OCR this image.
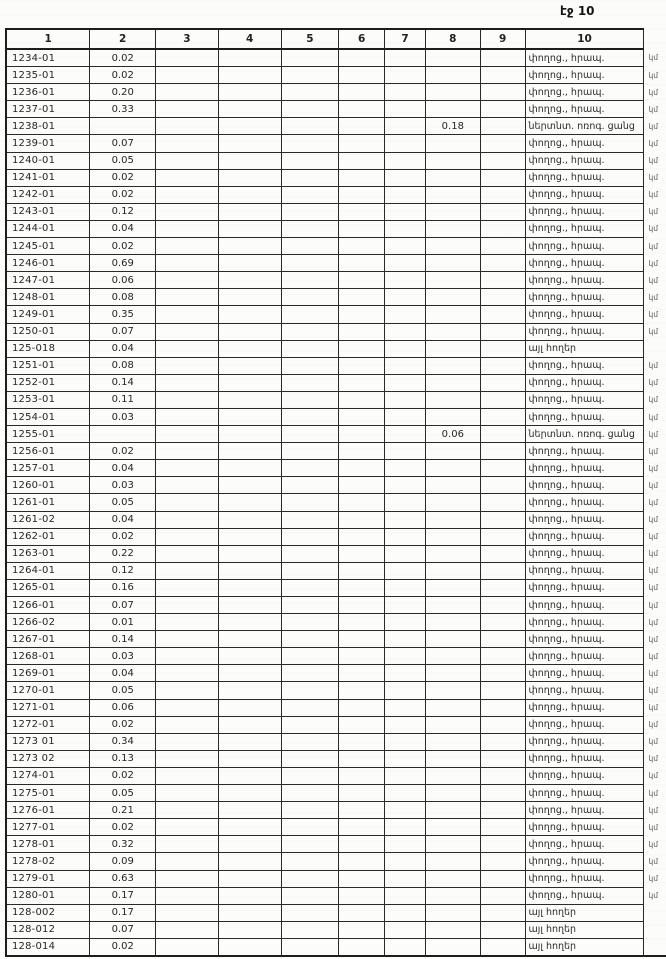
էջ 10
1	2	3	4	5	6	7	8	9	10	
1234-01	0.02								փողոց., հրապ.	կմ
1235-01	0.02								փողոց., հրապ.	կմ
1236-01	0.20								փողոց., հրապ.	կմ
1237-01	0.33								փողոց., հրապ.	կմ
1238-01							0.18		ներտնտ. ոռոգ. ցանց	կմ
1239-01	0.07								փողոց., հրապ.	կմ
1240-01	0.05								փողոց., հրապ.	կմ
1241-01	0.02								փողոց., հրապ.	կմ
1242-01	0.02								փողոց., հրապ.	կմ
1243-01	0.12								փողոց., հրապ.	կմ
1244-01	0.04								փողոց., հրապ.	կմ
1245-01	0.02								փողոց., հրապ.	կմ
1246-01	0.69								փողոց., հրապ.	կմ
1247-01	0.06								փողոց., հրապ.	կմ
1248-01	0.08								փողոց., հրապ.	կմ
1249-01	0.35								փողոց., հրապ.	կմ
1250-01	0.07								փողոց., հրապ.	կմ
125-018	0.04								այլ հողեր	
1251-01	0.08								փողոց., հրապ.	կմ
1252-01	0.14								փողոց., հրապ.	կմ
1253-01	0.11								փողոց., հրապ.	կմ
1254-01	0.03								փողոց., հրապ.	կմ
1255-01							0.06		ներտնտ. ոռոգ. ցանց	կմ
1256-01	0.02								փողոց., հրապ.	կմ
1257-01	0.04								փողոց., հրապ.	կմ
1260-01	0.03								փողոց., հրապ.	կմ
1261-01	0.05								փողոց., հրապ.	կմ
1261-02	0.04								փողոց., հրապ.	կմ
1262-01	0.02								փողոց., հրապ.	կմ
1263-01	0.22								փողոց., հրապ.	կմ
1264-01	0.12								փողոց., հրապ.	կմ
1265-01	0.16								փողոց., հրապ.	կմ
1266-01	0.07								փողոց., հրապ.	կմ
1266-02	0.01								փողոց., հրապ.	կմ
1267-01	0.14								փողոց., հրապ.	կմ
1268-01	0.03								փողոց., հրապ.	կմ
1269-01	0.04								փողոց., հրապ.	կմ
1270-01	0.05								փողոց., հրապ.	կմ
1271-01	0.06								փողոց., հրապ.	կմ
1272-01	0.02								փողոց., հրապ.	կմ
1273 01	0.34								փողոց., հրապ.	կմ
1273 02	0.13								փողոց., հրապ.	կմ
1274-01	0.02								փողոց., հրապ.	կմ
1275-01	0.05								փողոց., հրապ.	կմ
1276-01	0.21								փողոց., հրապ.	կմ
1277-01	0.02								փողոց., հրապ.	կմ
1278-01	0.32								փողոց., հրապ.	կմ
1278-02	0.09								փողոց., հրապ.	կմ
1279-01	0.63								փողոց., հրապ.	կմ
1280-01	0.17								փողոց., հրապ.	կմ
128-002	0.17								այլ հողեր	
128-012	0.07								այլ հողեր	
128-014	0.02								այլ հողեր	
